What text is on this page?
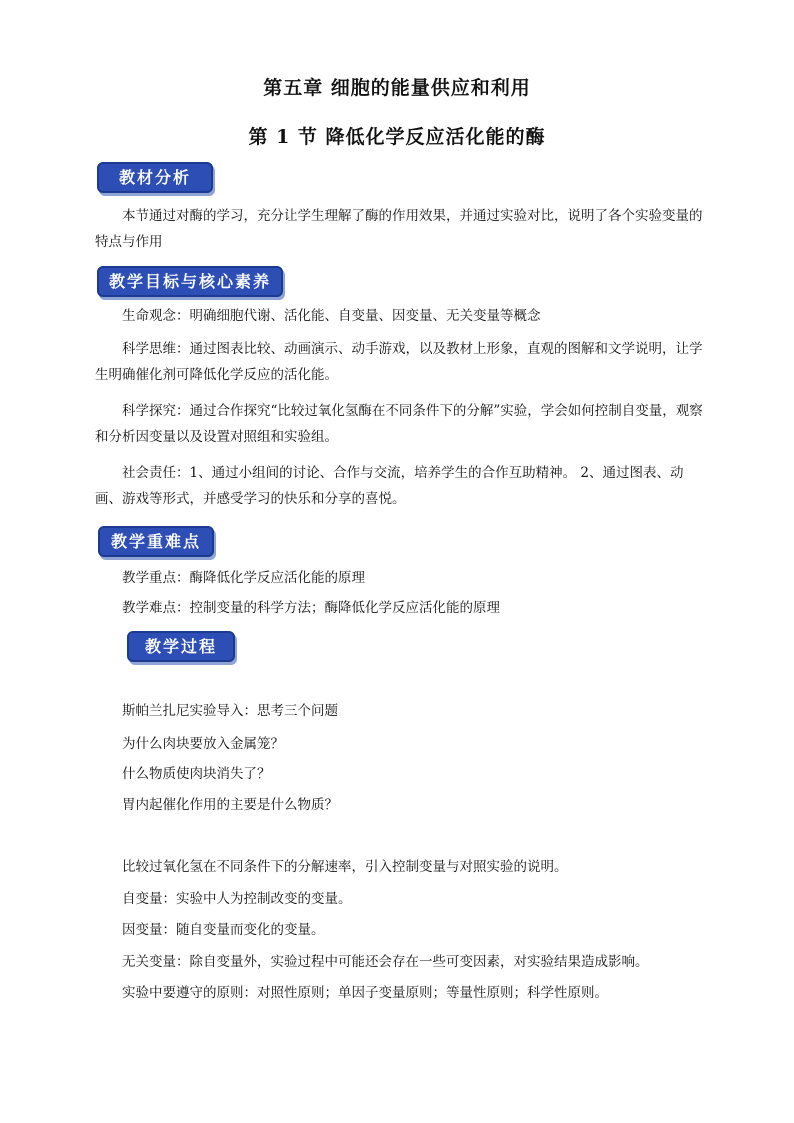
第五章 细胞的能量供应和利用
第 1 节 降低化学反应活化能的酶
教材分析
本节通过对酶的学习，充分让学生理解了酶的作用效果，并通过实验对比，说明了各个实验变量的特点与作用
教学目标与核心素养
生命观念：明确细胞代谢、活化能、自变量、因变量、无关变量等概念
科学思维：通过图表比较、动画演示、动手游戏，以及教材上形象，直观的图解和文学说明，让学生明确催化剂可降低化学反应的活化能。
科学探究：通过合作探究“比较过氧化氢酶在不同条件下的分解”实验，学会如何控制自变量，观察和分析因变量以及设置对照组和实验组。
社会责任：1、通过小组间的讨论、合作与交流，培养学生的合作互助精神。 2、通过图表、动画、游戏等形式，并感受学习的快乐和分享的喜悦。
教学重难点
教学重点：酶降低化学反应活化能的原理
教学难点：控制变量的科学方法；酶降低化学反应活化能的原理
教学过程
斯帕兰扎尼实验导入：思考三个问题
为什么肉块要放入金属笼？
什么物质使肉块消失了？
胃内起催化作用的主要是什么物质？
比较过氧化氢在不同条件下的分解速率，引入控制变量与对照实验的说明。
自变量：实验中人为控制改变的变量。
因变量：随自变量而变化的变量。
无关变量：除自变量外，实验过程中可能还会存在一些可变因素，对实验结果造成影响。
实验中要遵守的原则：对照性原则；单因子变量原则；等量性原则；科学性原则。
